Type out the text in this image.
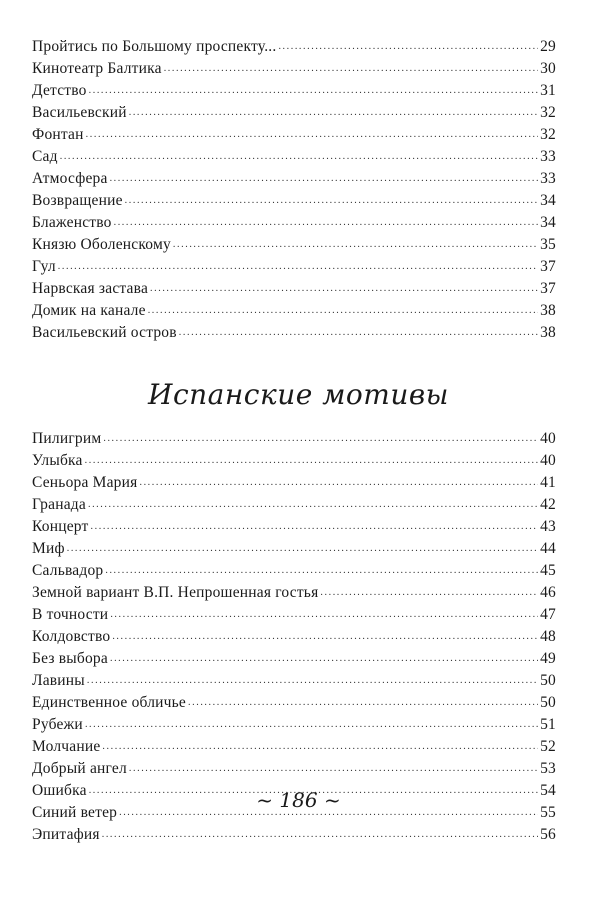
Пройтись по Большому проспекту... .....	29
Кинотеатр Балтика .....	30
Детство .....	31
Васильевский .....	32
Фонтан .....	32
Сад .....	33
Атмосфера .....	33
Возвращение .....	34
Блаженство .....	34
Князю Оболенскому .....	35
Гул .....	37
Нарвская застава .....	37
Домик на канале .....	38
Васильевский остров .....	38
Испанские мотивы
Пилигрим .....	40
Улыбка .....	40
Сеньора Мария .....	41
Гранада .....	42
Концерт .....	43
Миф .....	44
Сальвадор .....	45
Земной вариант В.П. Непрошенная гостья .....	46
В точности .....	47
Колдовство .....	48
Без выбора .....	49
Лавины .....	50
Единственное обличье .....	50
Рубежи .....	51
Молчание .....	52
Добрый ангел .....	53
Ошибка .....	54
Синий ветер .....	55
Эпитафия .....	56
~ 186 ~
